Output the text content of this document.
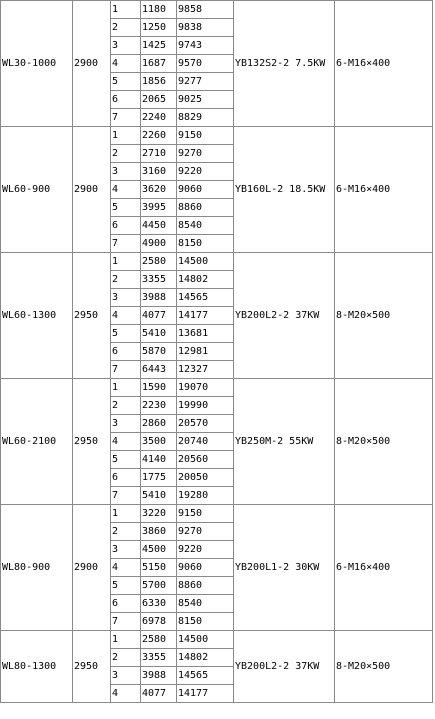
WL30-1000	2900	1	1180	9858	YB132S2-2 7.5KW	6-M16×400
		2	1250	9838		
		3	1425	9743		
		4	1687	9570		
		5	1856	9277		
		6	2065	9025		
		7	2240	8829		
WL60-900	2900	1	2260	9150	YB160L-2 18.5KW	6-M16×400
		2	2710	9270		
		3	3160	9220		
		4	3620	9060		
		5	3995	8860		
		6	4450	8540		
		7	4900	8150		
WL60-1300	2950	1	2580	14500	YB200L2-2 37KW	8-M20×500
		2	3355	14802		
		3	3988	14565		
		4	4077	14177		
		5	5410	13681		
		6	5870	12981		
		7	6443	12327		
WL60-2100	2950	1	1590	19070	YB250M-2 55KW	8-M20×500
		2	2230	19990		
		3	2860	20570		
		4	3500	20740		
		5	4140	20560		
		6	1775	20050		
		7	5410	19280		
WL80-900	2900	1	3220	9150	YB200L1-2 30KW	6-M16×400
		2	3860	9270		
		3	4500	9220		
		4	5150	9060		
		5	5700	8860		
		6	6330	8540		
		7	6978	8150		
WL80-1300	2950	1	2580	14500	YB200L2-2 37KW	8-M20×500
		2	3355	14802		
		3	3988	14565		
		4	4077	14177		
